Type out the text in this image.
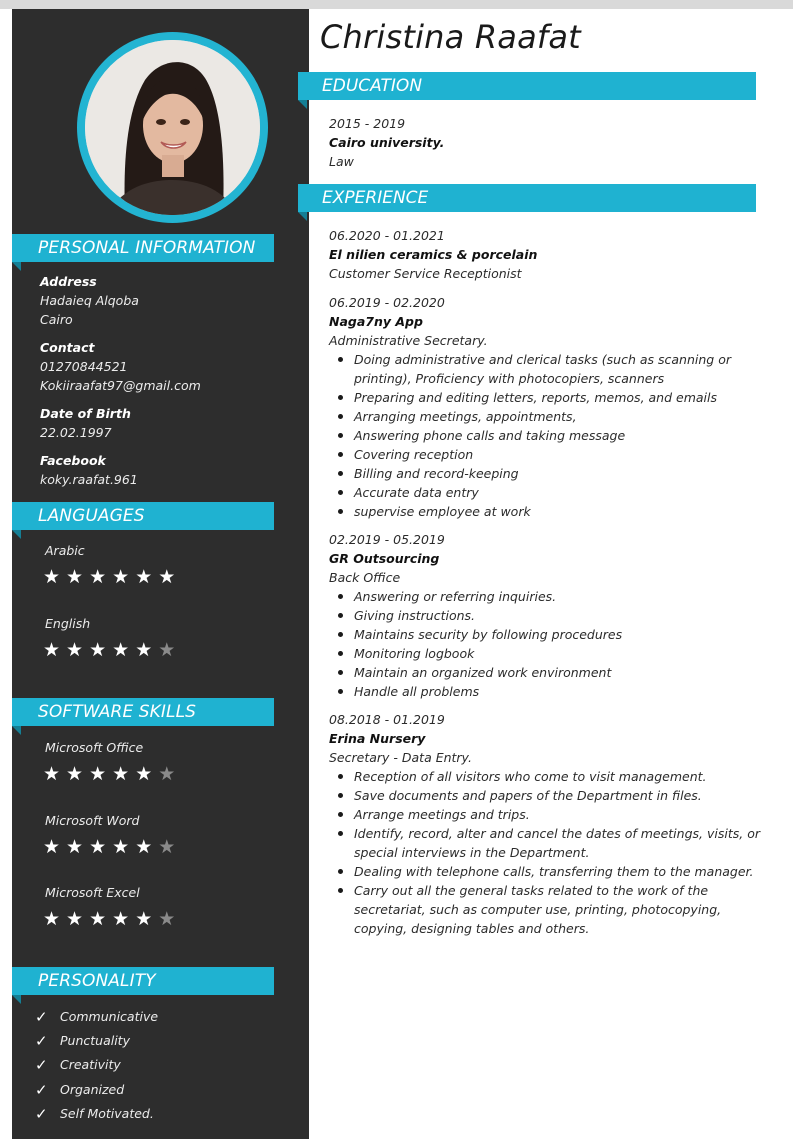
PERSONAL INFORMATION
Address
Hadaieq Alqoba
Cairo
Contact
01270844521
Kokiiraafat97@gmail.com
Date of Birth
22.02.1997
Facebook
koky.raafat.961
LANGUAGES
Arabic
★★★★★★
English
★★★★★★
SOFTWARE SKILLS
Microsoft Office
★★★★★★
Microsoft Word
★★★★★★
Microsoft Excel
★★★★★★
PERSONALITY
✓ Communicative
✓ Punctuality
✓ Creativity
✓ Organized
✓ Self Motivated.
Christina Raafat
EDUCATION
2015 - 2019
Cairo university.
Law
EXPERIENCE
06.2020 - 01.2021
El nilien ceramics & porcelain
Customer Service Receptionist
06.2019 - 02.2020
Naga7ny App
Administrative Secretary.
Doing administrative and clerical tasks (such as scanning or printing), Proficiency with photocopiers, scanners
Preparing and editing letters, reports, memos, and emails
Arranging meetings, appointments,
Answering phone calls and taking message
Covering reception
Billing and record-keeping
Accurate data entry
supervise employee at work
02.2019 - 05.2019
GR Outsourcing
Back Office
Answering or referring inquiries.
Giving instructions.
Maintains security by following procedures
Monitoring logbook
Maintain an organized work environment
Handle all problems
08.2018 - 01.2019
Erina Nursery
Secretary - Data Entry.
Reception of all visitors who come to visit management.
Save documents and papers of the Department in files.
Arrange meetings and trips.
Identify, record, alter and cancel the dates of meetings, visits, or special interviews in the Department.
Dealing with telephone calls, transferring them to the manager.
Carry out all the general tasks related to the work of the secretariat, such as computer use, printing, photocopying, copying, designing tables and others.
